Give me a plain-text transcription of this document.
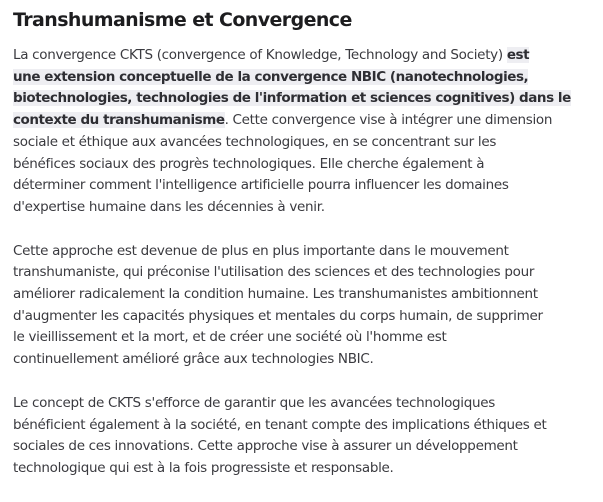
Transhumanisme et Convergence

La convergence CKTS (convergence of Knowledge, Technology and Society) est
une extension conceptuelle de la convergence NBIC (nanotechnologies,
biotechnologies, technologies de l'information et sciences cognitives) dans le
contexte du transhumanisme. Cette convergence vise à intégrer une dimension
sociale et éthique aux avancées technologiques, en se concentrant sur les
bénéfices sociaux des progrès technologiques. Elle cherche également à
déterminer comment l'intelligence artificielle pourra influencer les domaines
d'expertise humaine dans les décennies à venir.

Cette approche est devenue de plus en plus importante dans le mouvement
transhumaniste, qui préconise l'utilisation des sciences et des technologies pour
améliorer radicalement la condition humaine. Les transhumanistes ambitionnent
d'augmenter les capacités physiques et mentales du corps humain, de supprimer
le vieillissement et la mort, et de créer une société où l'homme est
continuellement amélioré grâce aux technologies NBIC.

Le concept de CKTS s'efforce de garantir que les avancées technologiques
bénéficient également à la société, en tenant compte des implications éthiques et
sociales de ces innovations. Cette approche vise à assurer un développement
technologique qui est à la fois progressiste et responsable.
